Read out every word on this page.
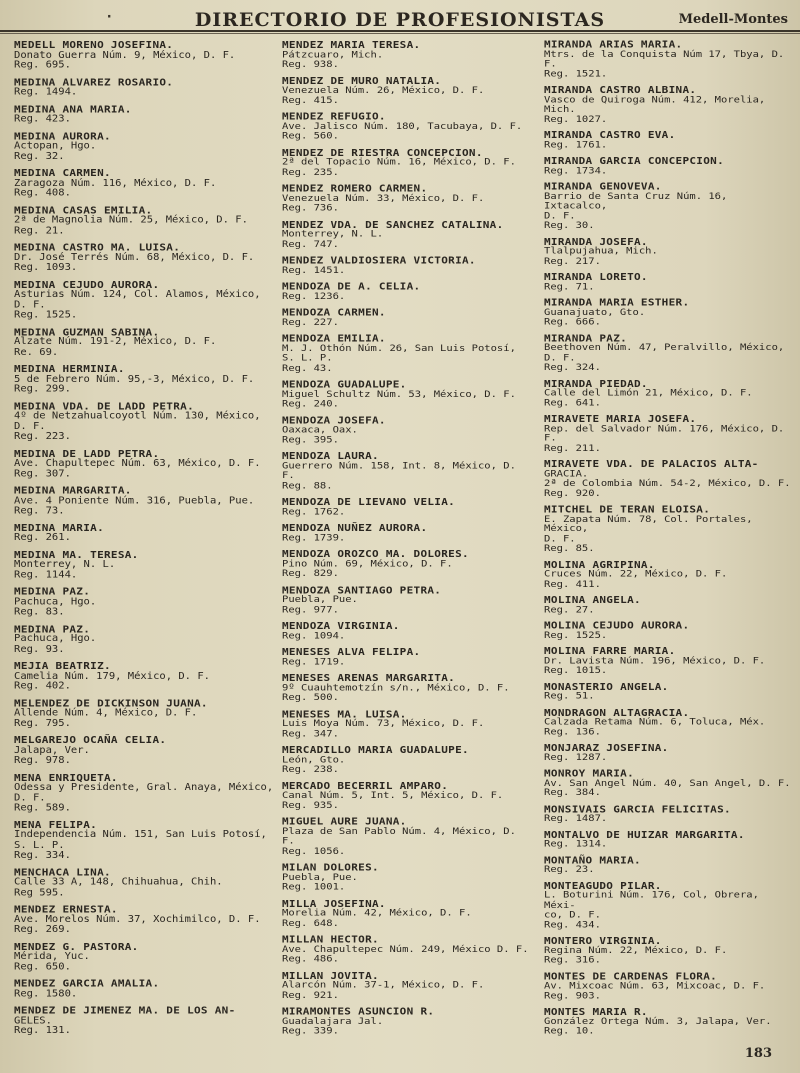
·	DIRECTORIO DE PROFESIONISTAS	Medell-Montes
MEDELL MORENO JOSEFINA.
Donato Guerra Núm. 9, México, D. F.
Reg. 695.
MEDINA ALVAREZ ROSARIO.
Reg. 1494.
MEDINA ANA MARIA.
Reg. 423.
MEDINA AURORA.
Actopan, Hgo.
Reg. 32.
MEDINA CARMEN.
Zaragoza Núm. 116, México, D. F.
Reg. 408.
MEDINA CASAS EMILIA.
2ª de Magnolia Núm. 25, México, D. F.
Reg. 21.
MEDINA CASTRO MA. LUISA.
Dr. José Terrés Núm. 68, México, D. F.
Reg. 1093.
MEDINA CEJUDO AURORA.
Asturias Núm. 124, Col. Alamos, México,
D. F.
Reg. 1525.
MEDINA GUZMAN SABINA.
Alzate Núm. 191-2, México, D. F.
Re. 69.
MEDINA HERMINIA.
5 de Febrero Núm. 95,-3, México, D. F.
Reg. 299.
MEDINA VDA. DE LADD PETRA.
4º de Netzahualcoyotl Núm. 130, México,
D. F.
Reg. 223.
MEDINA DE LADD PETRA.
Ave. Chapultepec Núm. 63, México, D. F.
Reg. 307.
MEDINA MARGARITA.
Ave. 4 Poniente Núm. 316, Puebla, Pue.
Reg. 73.
MEDINA MARIA.
Reg. 261.
MEDINA MA. TERESA.
Monterrey, N. L.
Reg. 1144.
MEDINA PAZ.
Pachuca, Hgo.
Reg. 83.
MEDINA PAZ.
Pachuca, Hgo.
Reg. 93.
MEJIA BEATRIZ.
Camelia Núm. 179, México, D. F.
Reg. 402.
MELENDEZ DE DICKINSON JUANA.
Allende Núm. 4, México, D. F.
Reg. 795.
MELGAREJO OCAÑA CELIA.
Jalapa, Ver.
Reg. 978.
MENA ENRIQUETA.
Odessa y Presidente, Gral. Anaya, México,
D. F.
Reg. 589.
MENA FELIPA.
Independencia Núm. 151, San Luis Potosí,
S. L. P.
Reg. 334.
MENCHACA LINA.
Calle 33 A, 148, Chihuahua, Chih.
Reg 595.
MENDEZ ERNESTA.
Ave. Morelos Núm. 37, Xochimilco, D. F.
Reg. 269.
MENDEZ G. PASTORA.
Mérida, Yuc.
Reg. 650.
MENDEZ GARCIA AMALIA.
Reg. 1580.
MENDEZ DE JIMENEZ MA. DE LOS AN-
GELES.
Reg. 131.
MENDEZ MARIA TERESA.
Pátzcuaro, Mich.
Reg. 938.
MENDEZ DE MURO NATALIA.
Venezuela Núm. 26, México, D. F.
Reg. 415.
MENDEZ REFUGIO.
Ave. Jalisco Núm. 180, Tacubaya, D. F.
Reg. 560.
MENDEZ DE RIESTRA CONCEPCION.
2ª del Topacio Núm. 16, México, D. F.
Reg. 235.
MENDEZ ROMERO CARMEN.
Venezuela Núm. 33, México, D. F.
Reg. 736.
MENDEZ VDA. DE SANCHEZ CATALINA.
Monterrey, N. L.
Reg. 747.
MENDEZ VALDIOSIERA VICTORIA.
Reg. 1451.
MENDOZA DE A. CELIA.
Reg. 1236.
MENDOZA CARMEN.
Reg. 227.
MENDOZA EMILIA.
M. J. Othón Núm. 26, San Luis Potosí,
S. L. P.
Reg. 43.
MENDOZA GUADALUPE.
Miguel Schultz Núm. 53, México, D. F.
Reg. 240.
MENDOZA JOSEFA.
Oaxaca, Oax.
Reg. 395.
MENDOZA LAURA.
Guerrero Núm. 158, Int. 8, México, D. F.
Reg. 88.
MENDOZA DE LIEVANO VELIA.
Reg. 1762.
MENDOZA NUÑEZ AURORA.
Reg. 1739.
MENDOZA OROZCO MA. DOLORES.
Pino Núm. 69, México, D. F.
Reg. 829.
MENDOZA SANTIAGO PETRA.
Puebla, Pue.
Reg. 977.
MENDOZA VIRGINIA.
Reg. 1094.
MENESES ALVA FELIPA.
Reg. 1719.
MENESES ARENAS MARGARITA.
9º Cuauhtemotzín s/n., México, D. F.
Reg. 500.
MENESES MA. LUISA.
Luis Moya Núm. 73, México, D. F.
Reg. 347.
MERCADILLO MARIA GUADALUPE.
León, Gto.
Reg. 238.
MERCADO BECERRIL AMPARO.
Canal Núm. 5, Int. 5, México, D. F.
Reg. 935.
MIGUEL AURE JUANA.
Plaza de San Pablo Núm. 4, México, D. F.
Reg. 1056.
MILAN DOLORES.
Puebla, Pue.
Reg. 1001.
MILLA JOSEFINA.
Morelia Núm. 42, México, D. F.
Reg. 648.
MILLAN HECTOR.
Ave. Chapultepec Núm. 249, México D. F.
Reg. 486.
MILLAN JOVITA.
Alarcón Núm. 37-1, México, D. F.
Reg. 921.
MIRAMONTES ASUNCION R.
Guadalajara Jal.
Reg. 339.
MIRANDA ARIAS MARIA.
Mtrs. de la Conquista Núm 17, Tbya, D. F.
Reg. 1521.
MIRANDA CASTRO ALBINA.
Vasco de Quiroga Núm. 412, Morelia, Mich.
Reg. 1027.
MIRANDA CASTRO EVA.
Reg. 1761.
MIRANDA GARCIA CONCEPCION.
Reg. 1734.
MIRANDA GENOVEVA.
Barrio de Santa Cruz Núm. 16, Ixtacalco,
D. F.
Reg. 30.
MIRANDA JOSEFA.
Tlalpujahua, Mich.
Reg. 217.
MIRANDA LORETO.
Reg. 71.
MIRANDA MARIA ESTHER.
Guanajuato, Gto.
Reg. 666.
MIRANDA PAZ.
Beethoven Núm. 47, Peralvillo, México,
D. F.
Reg. 324.
MIRANDA PIEDAD.
Calle del Limón 21, México, D. F.
Reg. 641.
MIRAVETE MARIA JOSEFA.
Rep. del Salvador Núm. 176, México, D. F.
Reg. 211.
MIRAVETE VDA. DE PALACIOS ALTA-
GRACIA.
2ª de Colombia Núm. 54-2, México, D. F.
Reg. 920.
MITCHEL DE TERAN ELOISA.
E. Zapata Núm. 78, Col. Portales, México,
D. F.
Reg. 85.
MOLINA AGRIPINA.
Cruces Núm. 22, México, D. F.
Reg. 411.
MOLINA ANGELA.
Reg. 27.
MOLINA CEJUDO AURORA.
Reg. 1525.
MOLINA FARRE MARIA.
Dr. Lavista Núm. 196, México, D. F.
Reg. 1015.
MONASTERIO ANGELA.
Reg. 51.
MONDRAGON ALTAGRACIA.
Calzada Retama Núm. 6, Toluca, Méx.
Reg. 136.
MONJARAZ JOSEFINA.
Reg. 1287.
MONROY MARIA.
Av. San Angel Núm. 40, San Angel, D. F.
Reg. 384.
MONSIVAIS GARCIA FELICITAS.
Reg. 1487.
MONTALVO DE HUIZAR MARGARITA.
Reg. 1314.
MONTAÑO MARIA.
Reg. 23.
MONTEAGUDO PILAR.
L. Boturini Núm. 176, Col, Obrera, Méxi-
co, D. F.
Reg. 434.
MONTERO VIRGINIA.
Regina Núm. 22, México, D. F.
Reg. 316.
MONTES DE CARDENAS FLORA.
Av. Mixcoac Núm. 63, Mixcoac, D. F.
Reg. 903.
MONTES MARIA R.
González Ortega Núm. 3, Jalapa, Ver.
Reg. 10.
183
